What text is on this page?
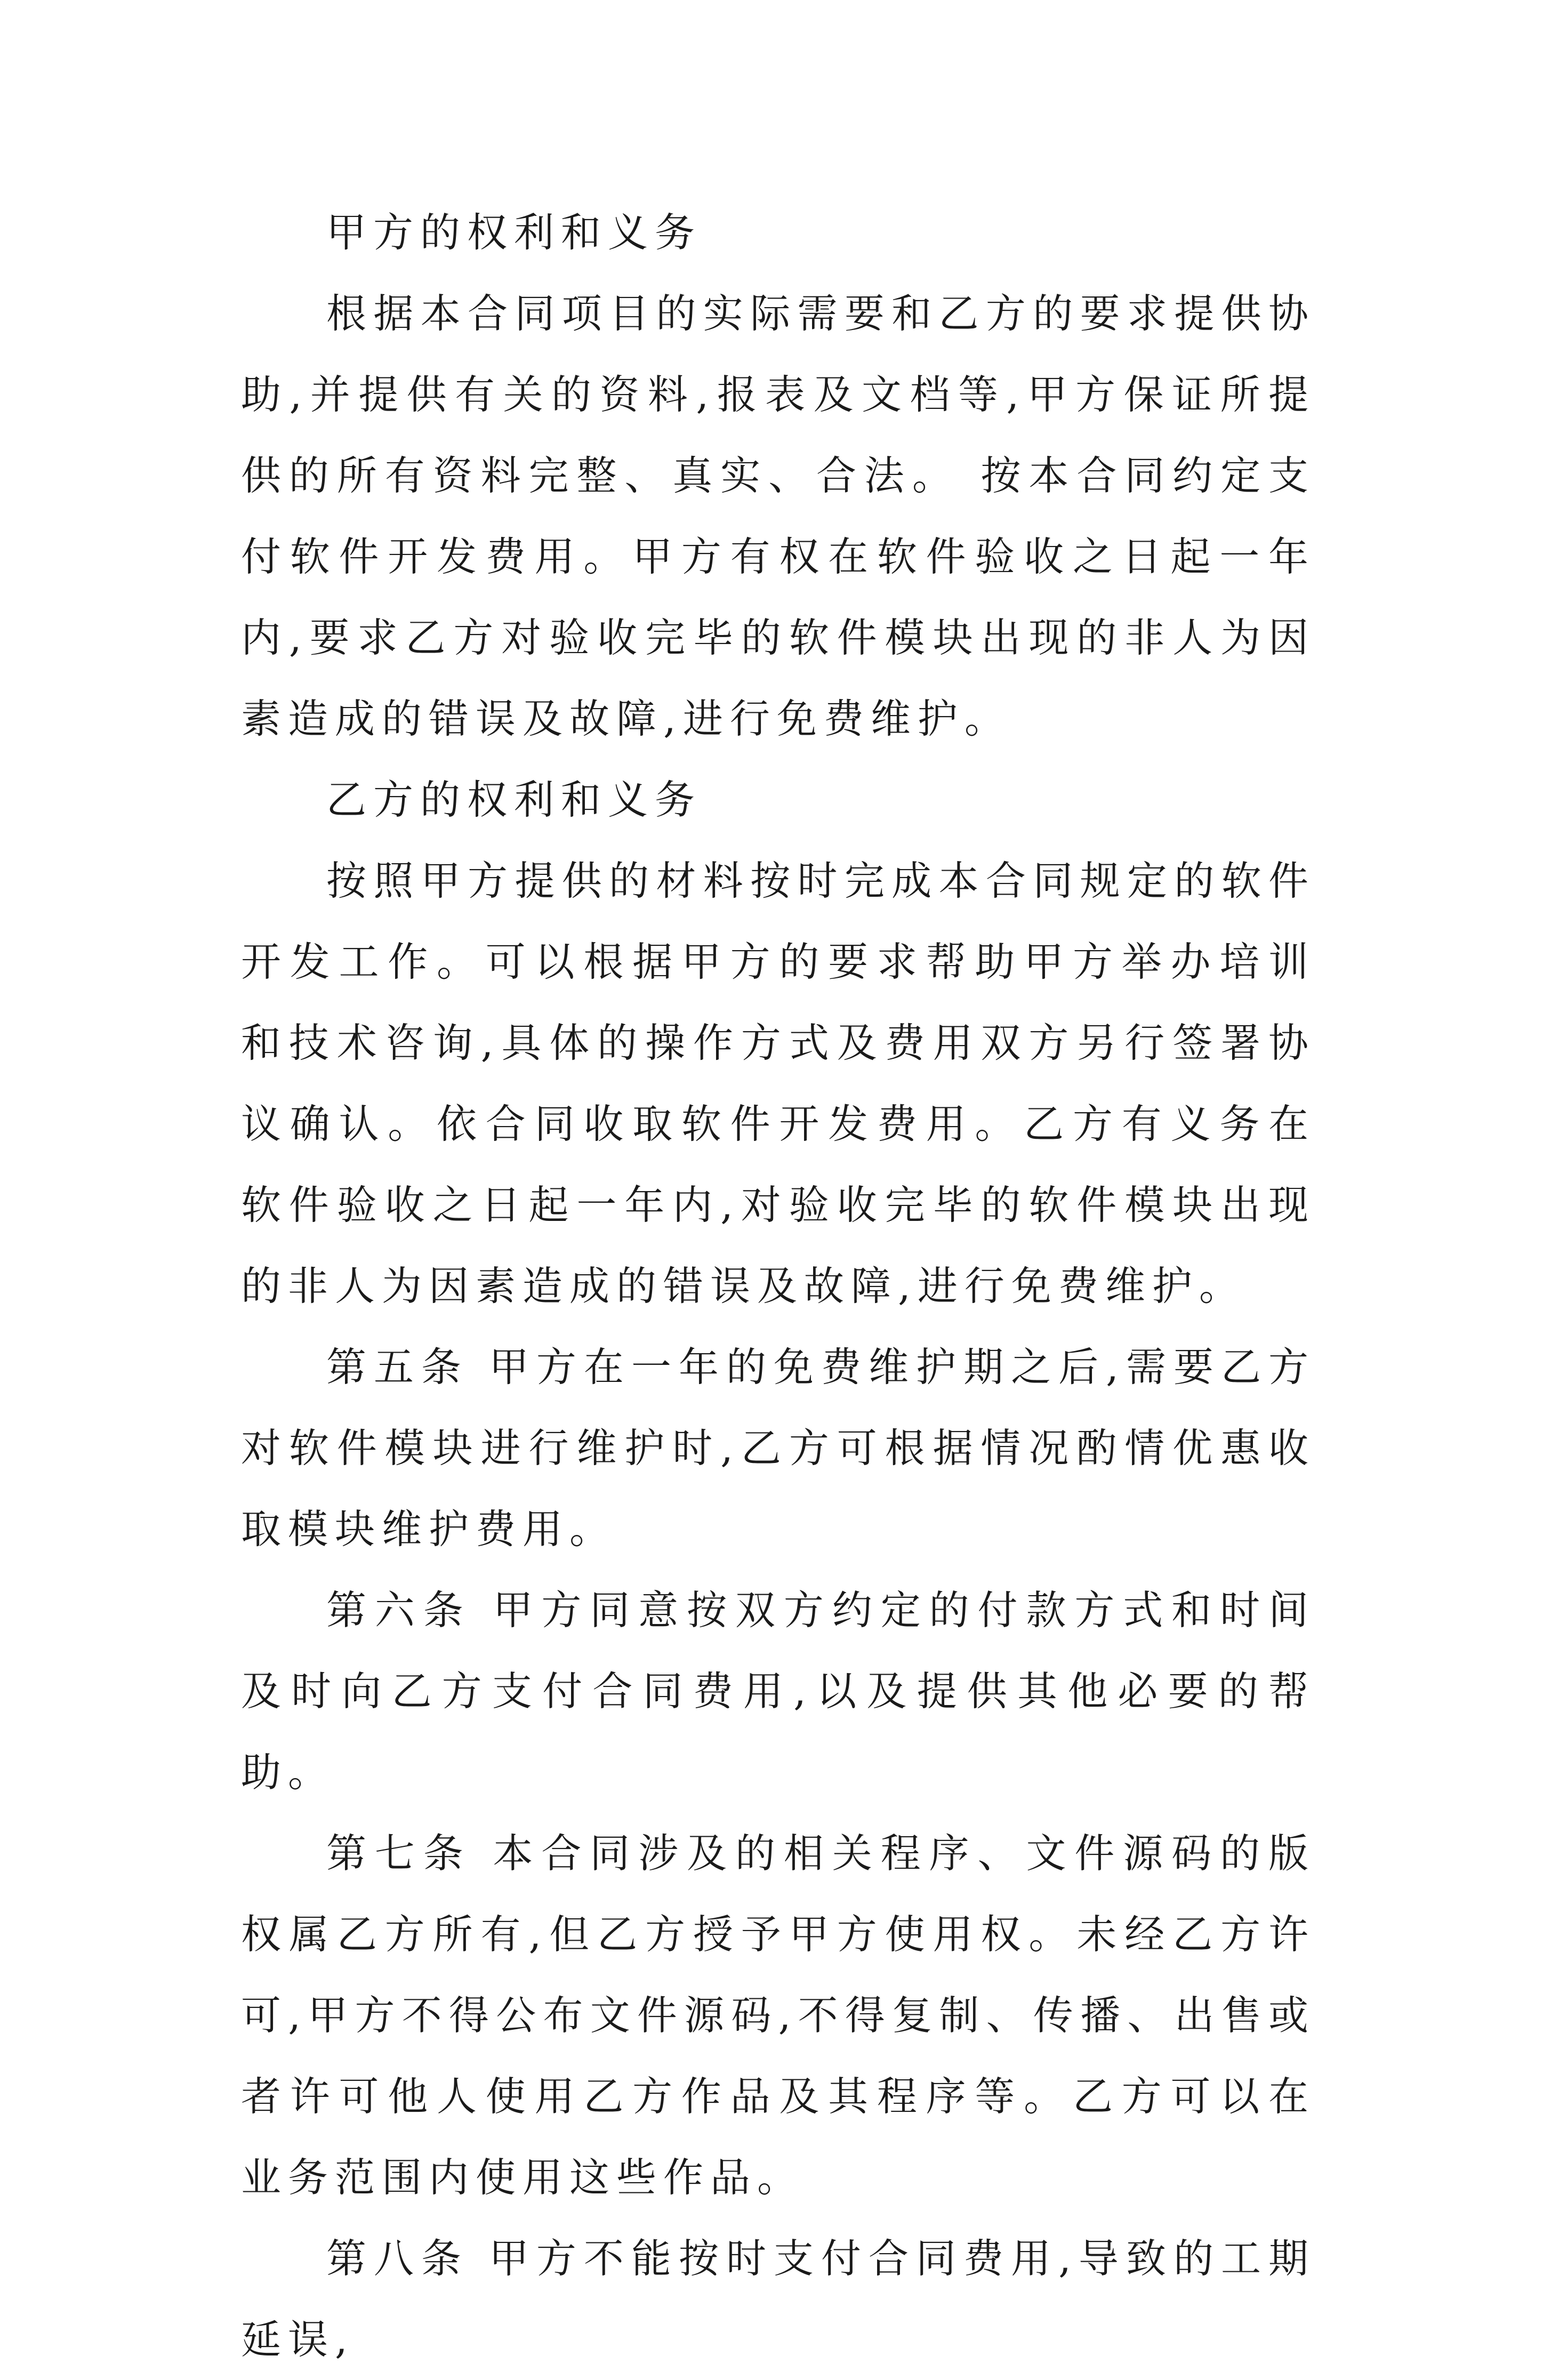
甲方的权利和义务

根据本合同项目的实际需要和乙方的要求提供协助,并提供有关的资料,报表及文档等,甲方保证所提供的所有资料完整、真实、合法。 按本合同约定支付软件开发费用。甲方有权在软件验收之日起一年内,要求乙方对验收完毕的软件模块出现的非人为因素造成的错误及故障,进行免费维护。

乙方的权利和义务

按照甲方提供的材料按时完成本合同规定的软件开发工作。可以根据甲方的要求帮助甲方举办培训和技术咨询,具体的操作方式及费用双方另行签署协议确认。依合同收取软件开发费用。乙方有义务在软件验收之日起一年内,对验收完毕的软件模块出现的非人为因素造成的错误及故障,进行免费维护。

第五条 甲方在一年的免费维护期之后,需要乙方对软件模块进行维护时,乙方可根据情况酌情优惠收取模块维护费用。

第六条 甲方同意按双方约定的付款方式和时间及时向乙方支付合同费用,以及提供其他必要的帮助。

第七条 本合同涉及的相关程序、文件源码的版权属乙方所有,但乙方授予甲方使用权。未经乙方许可,甲方不得公布文件源码,不得复制、传播、出售或者许可他人使用乙方作品及其程序等。乙方可以在业务范围内使用这些作品。

第八条 甲方不能按时支付合同费用,导致的工期延误,
